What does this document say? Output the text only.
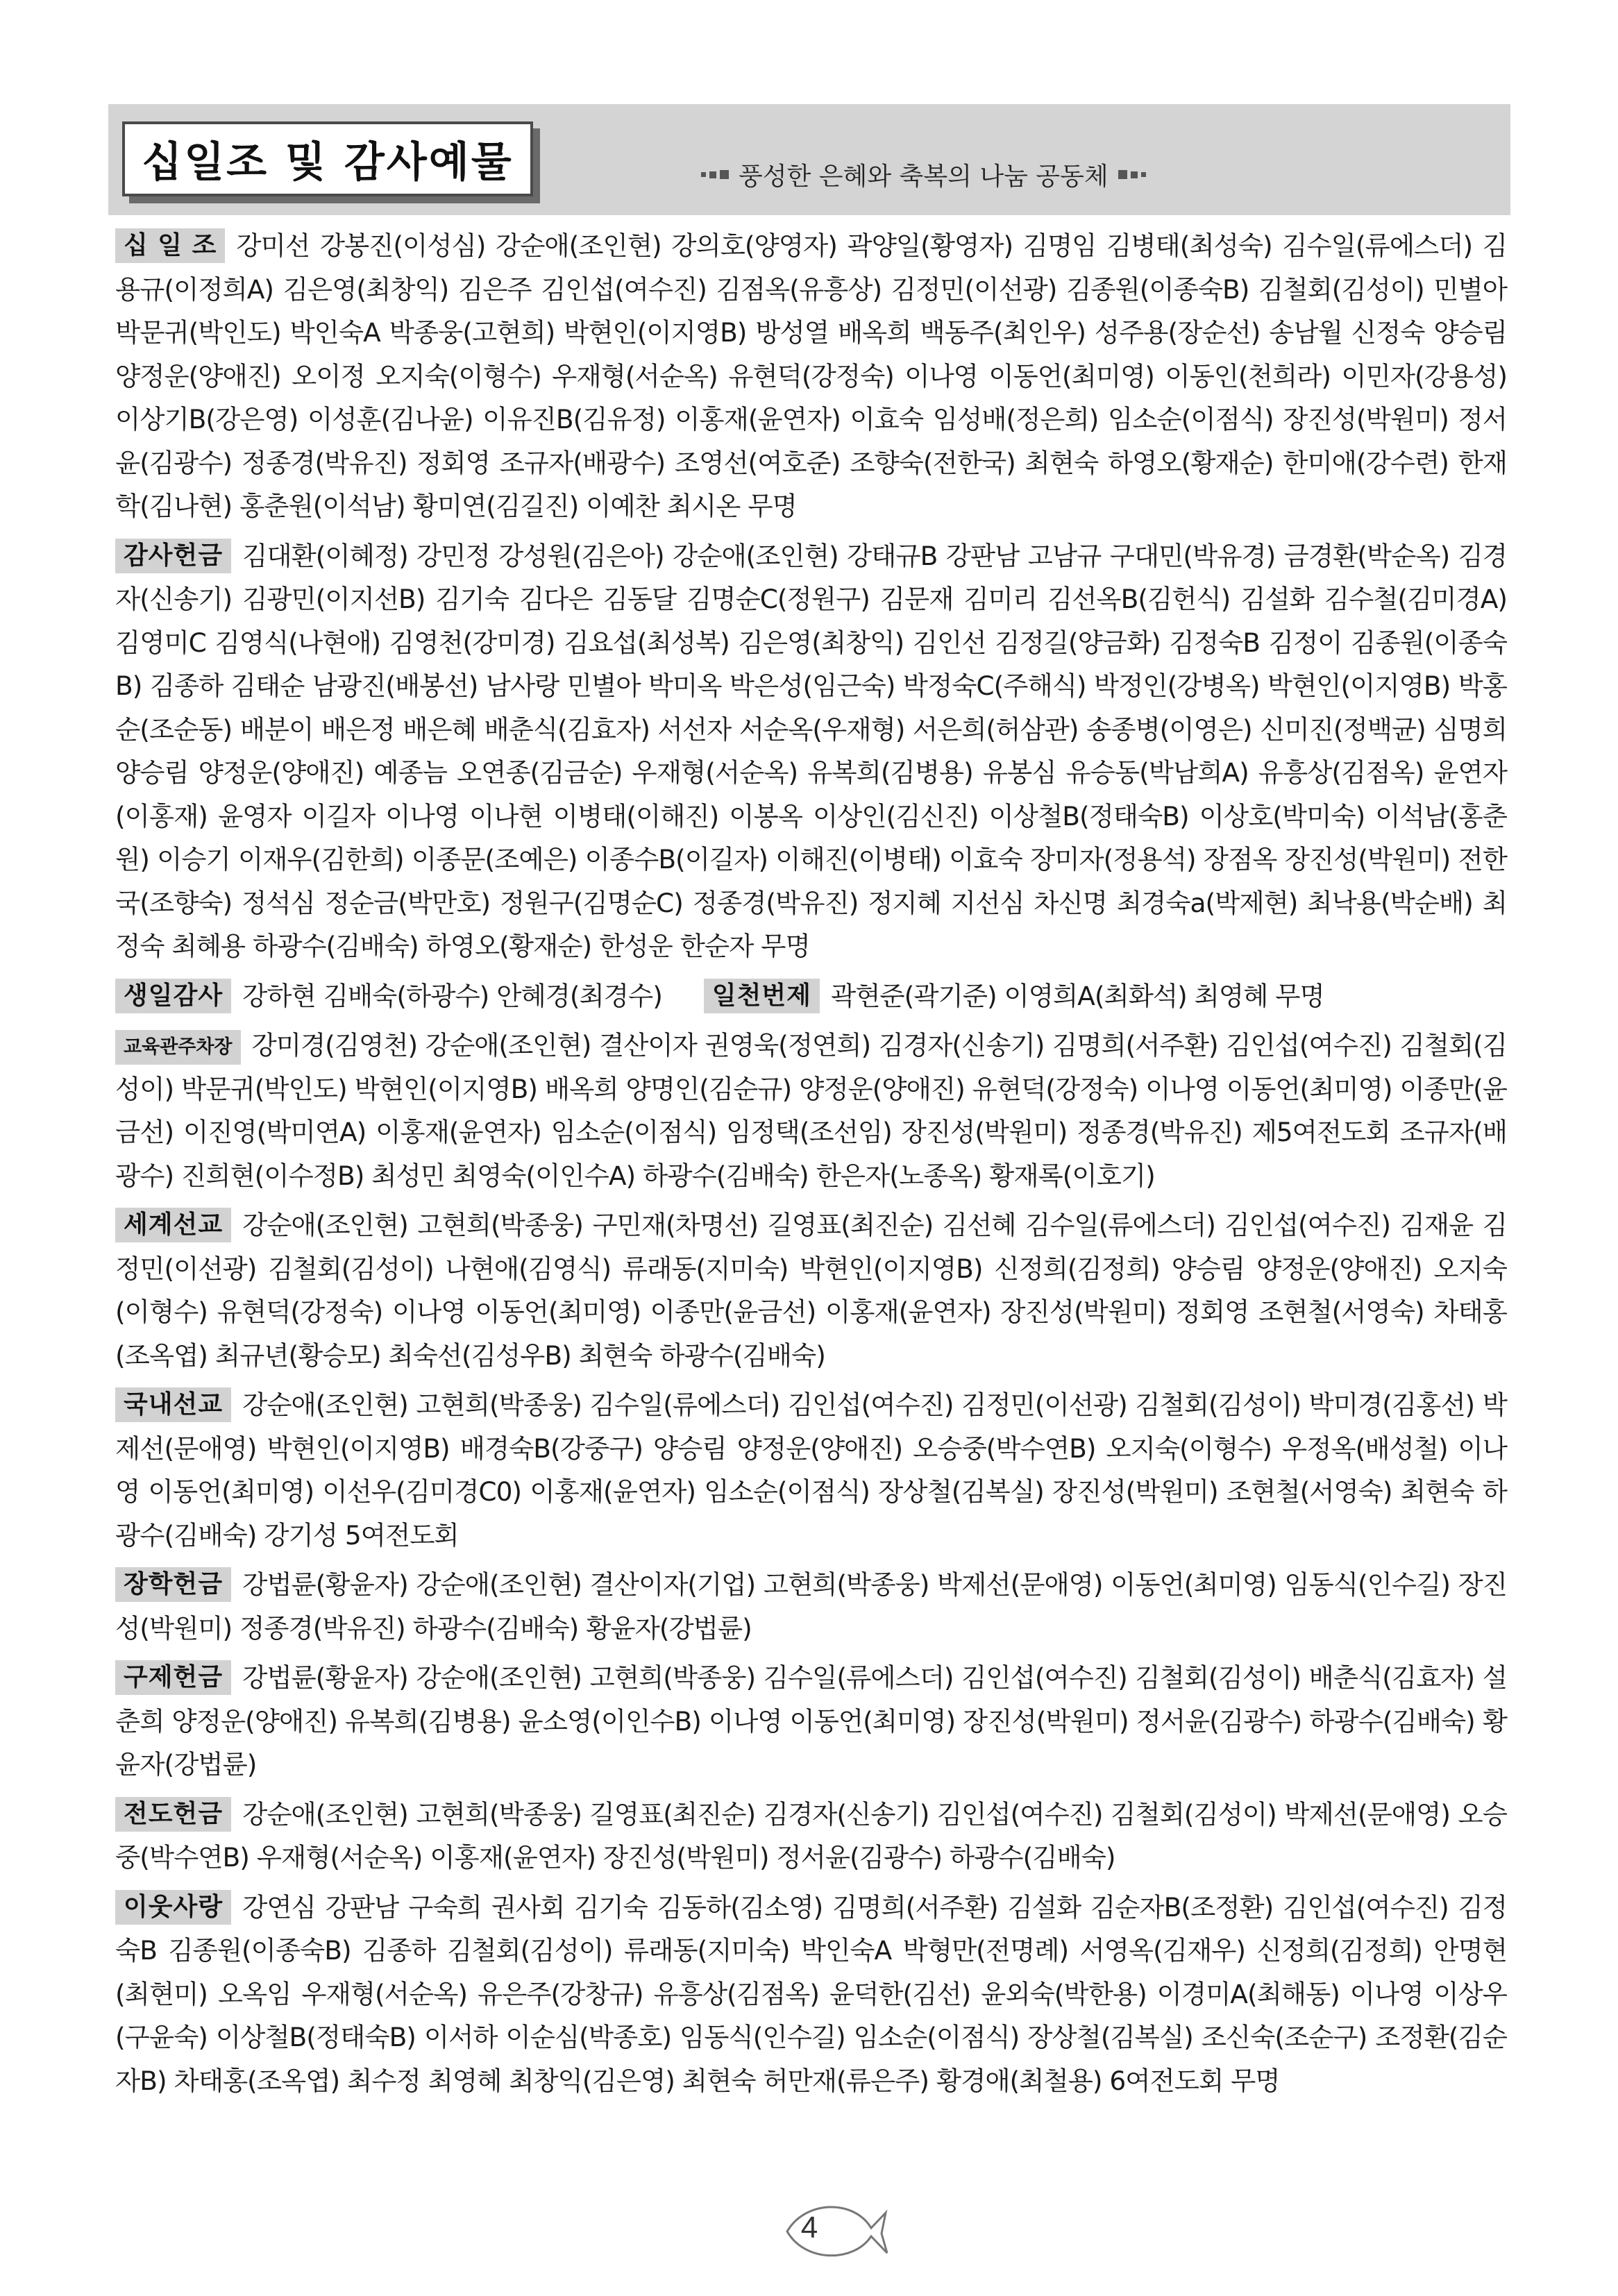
십일조 및 감사예물	풍성한 은혜와 축복의 나눔 공동체
십 일 조 강미선 강봉진(이성심) 강순애(조인현) 강의호(양영자) 곽양일(황영자) 김명임 김병태(최성숙) 김수일(류에스더) 김용규(이정희A) 김은영(최창익) 김은주 김인섭(여수진) 김점옥(유흥상) 김정민(이선광) 김종원(이종숙B) 김철회(김성이) 민별아 박문귀(박인도) 박인숙A 박종웅(고현희) 박현인(이지영B) 방성열 배옥희 백동주(최인우) 성주용(장순선) 송남월 신정숙 양승림 양정운(양애진) 오이정 오지숙(이형수) 우재형(서순옥) 유현덕(강정숙) 이나영 이동언(최미영) 이동인(천희라) 이민자(강용성) 이상기B(강은영) 이성훈(김나윤) 이유진B(김유정) 이홍재(윤연자) 이효숙 임성배(정은희) 임소순(이점식) 장진성(박원미) 정서윤(김광수) 정종경(박유진) 정회영 조규자(배광수) 조영선(여호준) 조향숙(전한국) 최현숙 하영오(황재순) 한미애(강수련) 한재학(김나현) 홍춘원(이석남) 황미연(김길진) 이예찬 최시온 무명
감사헌금 김대환(이혜정) 강민정 강성원(김은아) 강순애(조인현) 강태규B 강판남 고남규 구대민(박유경) 금경환(박순옥) 김경자(신송기) 김광민(이지선B) 김기숙 김다은 김동달 김명순C(정원구) 김문재 김미리 김선옥B(김헌식) 김설화 김수철(김미경A) 김영미C 김영식(나현애) 김영천(강미경) 김요섭(최성복) 김은영(최창익) 김인선 김정길(양금화) 김정숙B 김정이 김종원(이종숙B) 김종하 김태순 남광진(배봉선) 남사랑 민별아 박미옥 박은성(임근숙) 박정숙C(주해식) 박정인(강병옥) 박현인(이지영B) 박홍순(조순동) 배분이 배은정 배은혜 배춘식(김효자) 서선자 서순옥(우재형) 서은희(허삼관) 송종병(이영은) 신미진(정백균) 심명희 양승림 양정운(양애진) 예종늠 오연종(김금순) 우재형(서순옥) 유복희(김병용) 유봉심 유승동(박남희A) 유흥상(김점옥) 윤연자(이홍재) 윤영자 이길자 이나영 이나현 이병태(이해진) 이봉옥 이상인(김신진) 이상철B(정태숙B) 이상호(박미숙) 이석남(홍춘원) 이승기 이재우(김한희) 이종문(조예은) 이종수B(이길자) 이해진(이병태) 이효숙 장미자(정용석) 장점옥 장진성(박원미) 전한국(조향숙) 정석심 정순금(박만호) 정원구(김명순C) 정종경(박유진) 정지혜 지선심 차신명 최경숙a(박제현) 최낙용(박순배) 최정숙 최혜용 하광수(김배숙) 하영오(황재순) 한성운 한순자 무명
생일감사 강하현 김배숙(하광수) 안혜경(최경수)	일천번제 곽현준(곽기준) 이영희A(최화석) 최영혜 무명
교육관주차장 강미경(김영천) 강순애(조인현) 결산이자 권영욱(정연희) 김경자(신송기) 김명희(서주환) 김인섭(여수진) 김철회(김성이) 박문귀(박인도) 박현인(이지영B) 배옥희 양명인(김순규) 양정운(양애진) 유현덕(강정숙) 이나영 이동언(최미영) 이종만(윤금선) 이진영(박미연A) 이홍재(윤연자) 임소순(이점식) 임정택(조선임) 장진성(박원미) 정종경(박유진) 제5여전도회 조규자(배광수) 진희현(이수정B) 최성민 최영숙(이인수A) 하광수(김배숙) 한은자(노종옥) 황재록(이호기)
세계선교 강순애(조인현) 고현희(박종웅) 구민재(차명선) 길영표(최진순) 김선혜 김수일(류에스더) 김인섭(여수진) 김재윤 김정민(이선광) 김철회(김성이) 나현애(김영식) 류래동(지미숙) 박현인(이지영B) 신정희(김정희) 양승림 양정운(양애진) 오지숙(이형수) 유현덕(강정숙) 이나영 이동언(최미영) 이종만(윤금선) 이홍재(윤연자) 장진성(박원미) 정회영 조현철(서영숙) 차태홍(조옥엽) 최규년(황승모) 최숙선(김성우B) 최현숙 하광수(김배숙)
국내선교 강순애(조인현) 고현희(박종웅) 김수일(류에스더) 김인섭(여수진) 김정민(이선광) 김철회(김성이) 박미경(김홍선) 박제선(문애영) 박현인(이지영B) 배경숙B(강중구) 양승림 양정운(양애진) 오승중(박수연B) 오지숙(이형수) 우정옥(배성철) 이나영 이동언(최미영) 이선우(김미경C0) 이홍재(윤연자) 임소순(이점식) 장상철(김복실) 장진성(박원미) 조현철(서영숙) 최현숙 하광수(김배숙) 강기성 5여전도회
장학헌금 강법륜(황윤자) 강순애(조인현) 결산이자(기업) 고현희(박종웅) 박제선(문애영) 이동언(최미영) 임동식(인수길) 장진성(박원미) 정종경(박유진) 하광수(김배숙) 황윤자(강법륜)
구제헌금 강법륜(황윤자) 강순애(조인현) 고현희(박종웅) 김수일(류에스더) 김인섭(여수진) 김철회(김성이) 배춘식(김효자) 설춘희 양정운(양애진) 유복희(김병용) 윤소영(이인수B) 이나영 이동언(최미영) 장진성(박원미) 정서윤(김광수) 하광수(김배숙) 황윤자(강법륜)
전도헌금 강순애(조인현) 고현희(박종웅) 길영표(최진순) 김경자(신송기) 김인섭(여수진) 김철회(김성이) 박제선(문애영) 오승중(박수연B) 우재형(서순옥) 이홍재(윤연자) 장진성(박원미) 정서윤(김광수) 하광수(김배숙)
이웃사랑 강연심 강판남 구숙희 권사회 김기숙 김동하(김소영) 김명희(서주환) 김설화 김순자B(조정환) 김인섭(여수진) 김정숙B 김종원(이종숙B) 김종하 김철회(김성이) 류래동(지미숙) 박인숙A 박형만(전명례) 서영옥(김재우) 신정희(김정희) 안명현(최현미) 오옥임 우재형(서순옥) 유은주(강창규) 유흥상(김점옥) 윤덕한(김선) 윤외숙(박한용) 이경미A(최해동) 이나영 이상우(구윤숙) 이상철B(정태숙B) 이서하 이순심(박종호) 임동식(인수길) 임소순(이점식) 장상철(김복실) 조신숙(조순구) 조정환(김순자B) 차태홍(조옥엽) 최수정 최영혜 최창익(김은영) 최현숙 허만재(류은주) 황경애(최철용) 6여전도회 무명
4
